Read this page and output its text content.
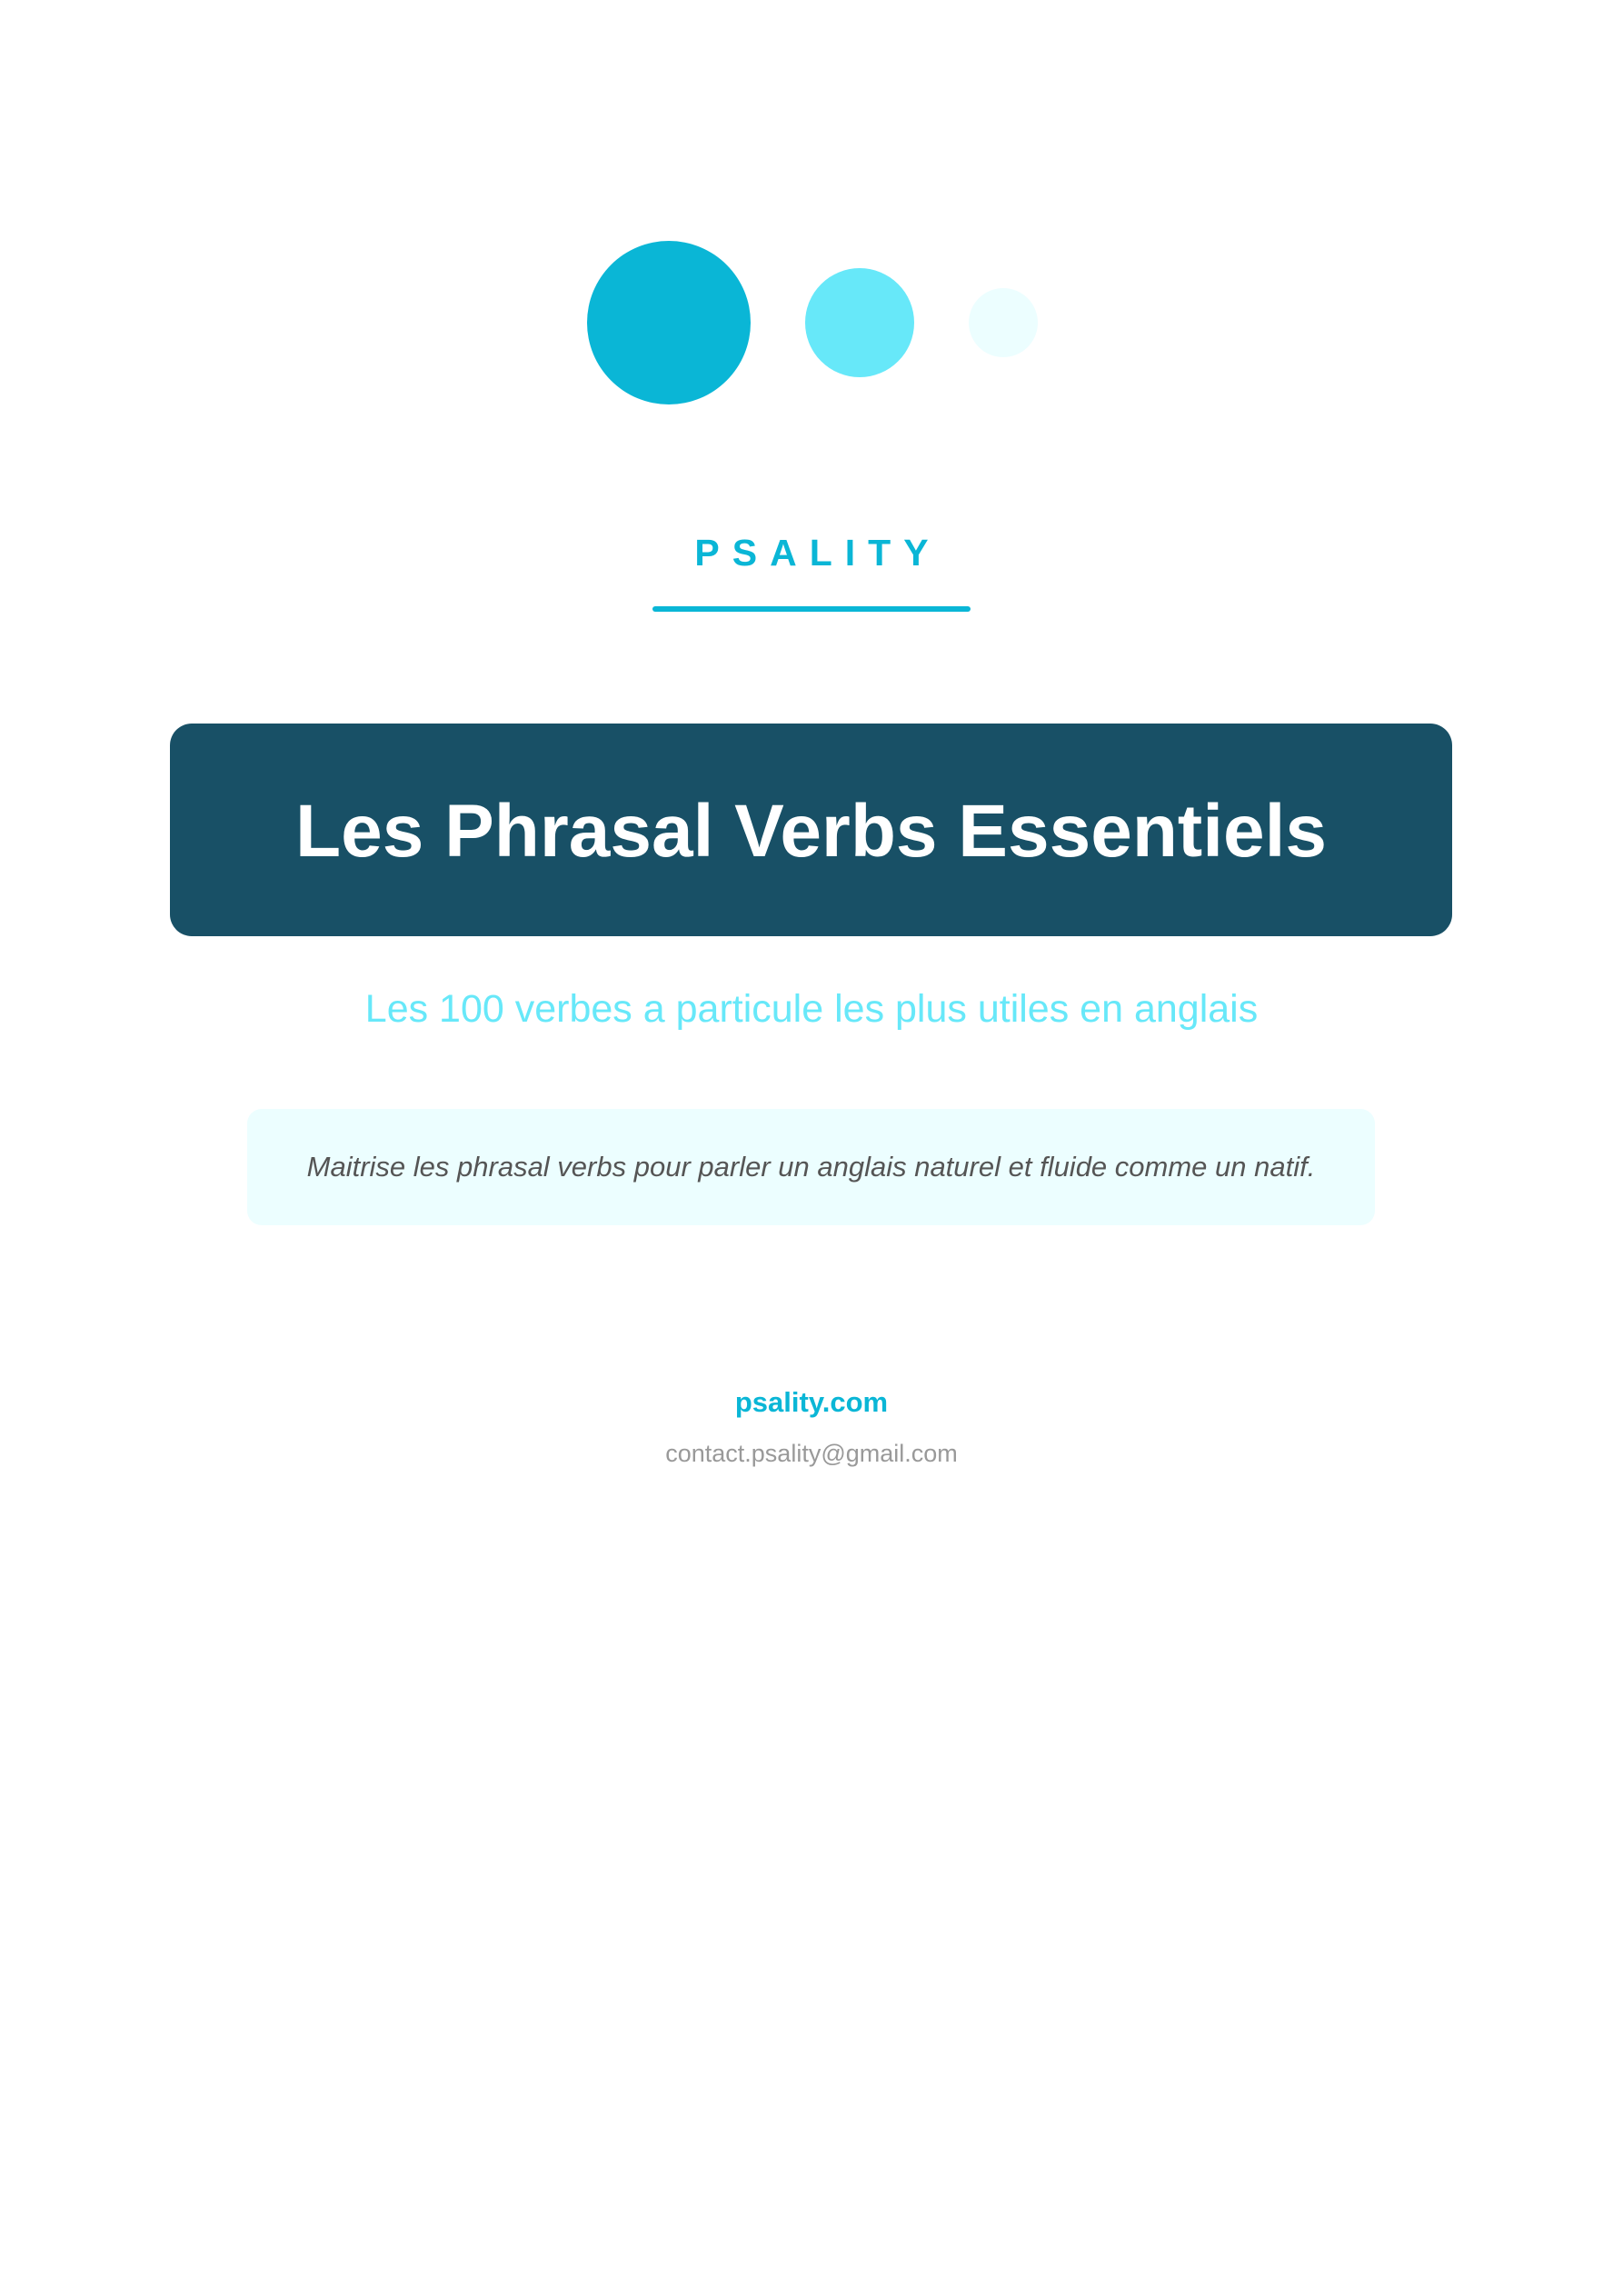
PSALITY
Les Phrasal Verbs Essentiels
Les 100 verbes a particule les plus utiles en anglais
Maitrise les phrasal verbs pour parler un anglais naturel et fluide comme un natif.
psality.com
contact.psality@gmail.com
